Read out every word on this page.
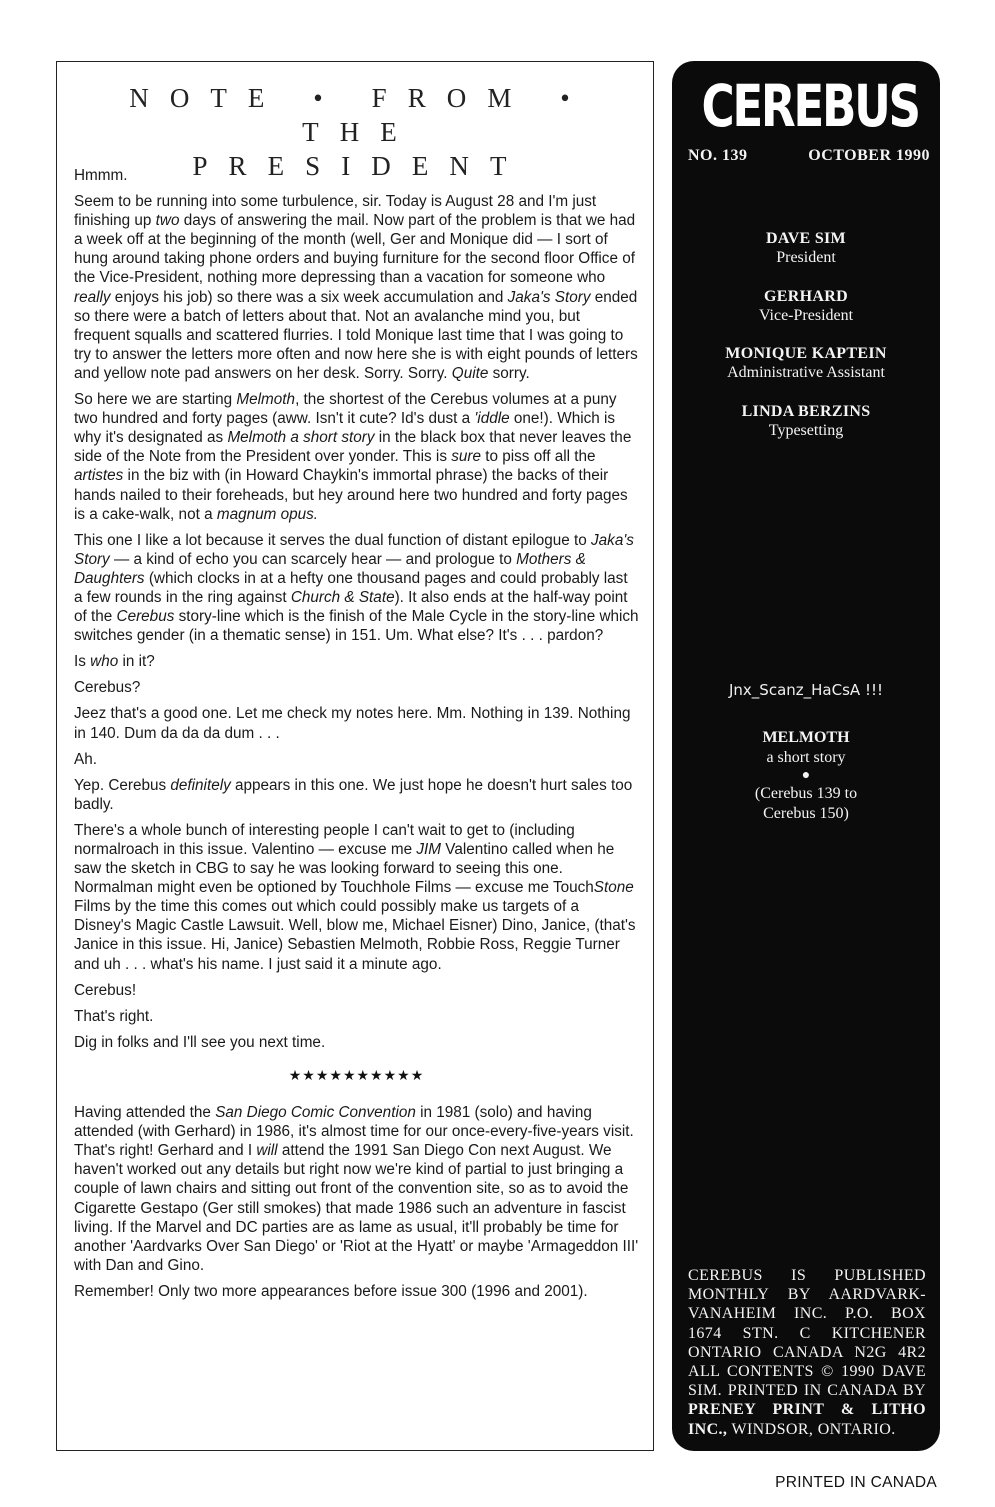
NOTE • FROM • THE
PRESIDENT

Hmmm.

Seem to be running into some turbulence, sir. Today is August 28 and I'm just finishing up two days of answering the mail. Now part of the problem is that we had a week off at the beginning of the month (well, Ger and Monique did — I sort of hung around taking phone orders and buying furniture for the second floor Office of the Vice-President, nothing more depressing than a vacation for someone who really enjoys his job) so there was a six week accumulation and Jaka's Story ended so there were a batch of letters about that. Not an avalanche mind you, but frequent squalls and scattered flurries. I told Monique last time that I was going to try to answer the letters more often and now here she is with eight pounds of letters and yellow note pad answers on her desk. Sorry. Sorry. Quite sorry.

So here we are starting Melmoth, the shortest of the Cerebus volumes at a puny two hundred and forty pages (aww. Isn't it cute? Id's dust a 'iddle one!). Which is why it's designated as Melmoth a short story in the black box that never leaves the side of the Note from the President over yonder. This is sure to piss off all the artistes in the biz with (in Howard Chaykin's immortal phrase) the backs of their hands nailed to their foreheads, but hey around here two hundred and forty pages is a cake-walk, not a magnum opus.

This one I like a lot because it serves the dual function of distant epilogue to Jaka's Story — a kind of echo you can scarcely hear — and prologue to Mothers & Daughters (which clocks in at a hefty one thousand pages and could probably last a few rounds in the ring against Church & State). It also ends at the half-way point of the Cerebus story-line which is the finish of the Male Cycle in the story-line which switches gender (in a thematic sense) in 151. Um. What else? It's . . . pardon?

Is who in it?

Cerebus?

Jeez that's a good one. Let me check my notes here. Mm. Nothing in 139. Nothing in 140. Dum da da da dum . . .

Ah.

Yep. Cerebus definitely appears in this one. We just hope he doesn't hurt sales too badly.

There's a whole bunch of interesting people I can't wait to get to (including normalroach in this issue. Valentino — excuse me JIM Valentino called when he saw the sketch in CBG to say he was looking forward to seeing this one. Normalman might even be optioned by Touchhole Films — excuse me TouchStone Films by the time this comes out which could possibly make us targets of a Disney's Magic Castle Lawsuit. Well, blow me, Michael Eisner) Dino, Janice, (that's Janice in this issue. Hi, Janice) Sebastien Melmoth, Robbie Ross, Reggie Turner and uh . . . what's his name. I just said it a minute ago.

Cerebus!

That's right.

Dig in folks and I'll see you next time.

★★★★★★★★★★

Having attended the San Diego Comic Convention in 1981 (solo) and having attended (with Gerhard) in 1986, it's almost time for our once-every-five-years visit. That's right! Gerhard and I will attend the 1991 San Diego Con next August. We haven't worked out any details but right now we're kind of partial to just bringing a couple of lawn chairs and sitting out front of the convention site, so as to avoid the Cigarette Gestapo (Ger still smokes) that made 1986 such an adventure in fascist living. If the Marvel and DC parties are as lame as usual, it'll probably be time for another 'Aardvarks Over San Diego' or 'Riot at the Hyatt' or maybe 'Armageddon III' with Dan and Gino.

Remember! Only two more appearances before issue 300 (1996 and 2001).

CEREBUS
NO. 139	OCTOBER 1990
DAVE SIM
President
GERHARD
Vice-President
MONIQUE KAPTEIN
Administrative Assistant
LINDA BERZINS
Typesetting
Jnx_Scanz_HaCsA !!!
MELMOTH
a short story
●
(Cerebus 139 to
Cerebus 150)
CEREBUS IS PUBLISHED
MONTHLY BY AARDVARK-
VANAHEIM INC. P.O. BOX
1674 STN. C KITCHENER
ONTARIO CANADA N2G 4R2
ALL CONTENTS © 1990 DAVE
SIM. PRINTED IN CANADA BY
PRENEY PRINT & LITHO
INC., WINDSOR, ONTARIO.
PRINTED IN CANADA
